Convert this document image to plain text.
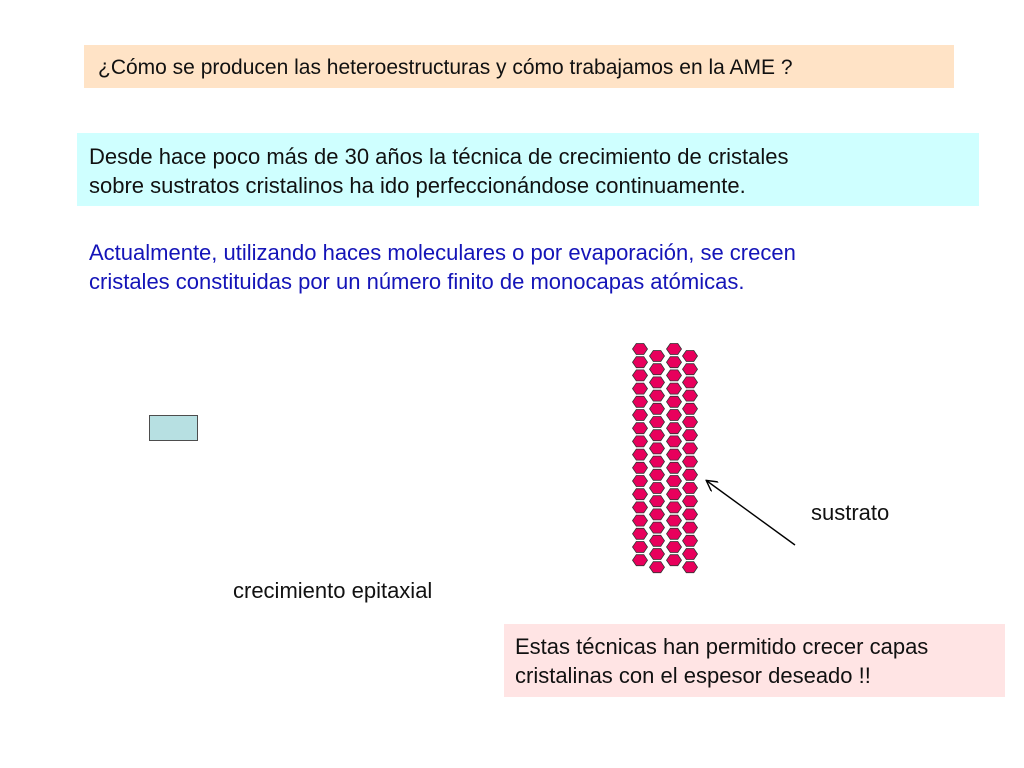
¿Cómo se producen las heteroestructuras y cómo trabajamos en la AME ?
Desde hace poco más de 30 años la técnica de crecimiento de cristales
sobre sustratos cristalinos ha ido perfeccionándose continuamente.
Actualmente, utilizando haces moleculares o por evaporación, se crecen
cristales constituidas por un número finito de monocapas atómicas.
sustrato
crecimiento epitaxial
Estas técnicas han permitido crecer capas
cristalinas con el espesor deseado !!
